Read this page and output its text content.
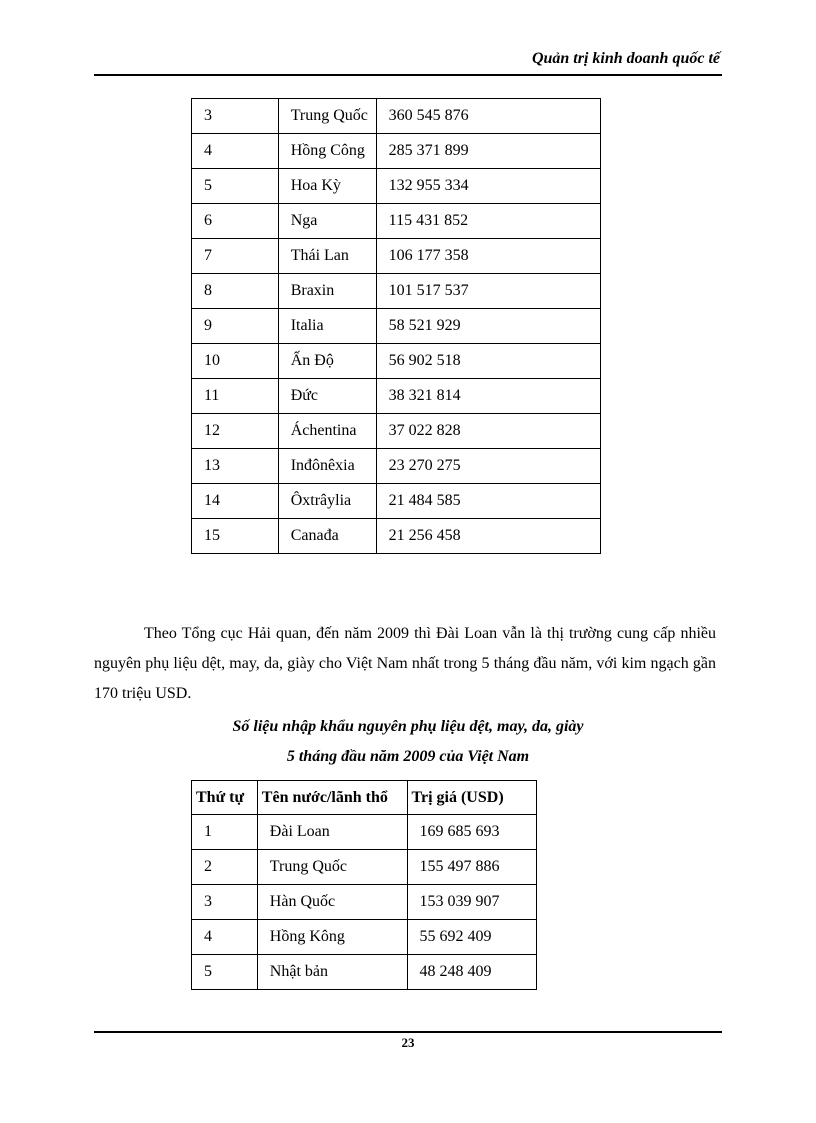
Quản trị kinh doanh quốc tế
3	Trung Quốc	360 545 876
4	Hồng Công	285 371 899
5	Hoa Kỳ	132 955 334
6	Nga	115 431 852
7	Thái Lan	106 177 358
8	Braxin	101 517 537
9	Italia	58 521 929
10	Ấn Độ	56 902 518
11	Đức	38 321 814
12	Áchentina	37 022 828
13	Inđônêxia	23 270 275
14	Ôxtrâylia	21 484 585
15	Canađa	21 256 458

Theo Tổng cục Hải quan, đến năm 2009 thì Đài Loan vẫn là thị trường cung cấp nhiều nguyên phụ liệu dệt, may, da, giày cho Việt Nam nhất trong 5 tháng đầu năm, với kim ngạch gần 170 triệu USD.

Số liệu nhập khẩu nguyên phụ liệu dệt, may, da, giày

5 tháng đầu năm 2009 của Việt Nam

Thứ tự	Tên nước/lãnh thổ	Trị giá (USD)
1	Đài Loan	169 685 693
2	Trung Quốc	155 497 886
3	Hàn Quốc	153 039 907
4	Hồng Kông	55 692 409
5	Nhật bản	48 248 409
23
